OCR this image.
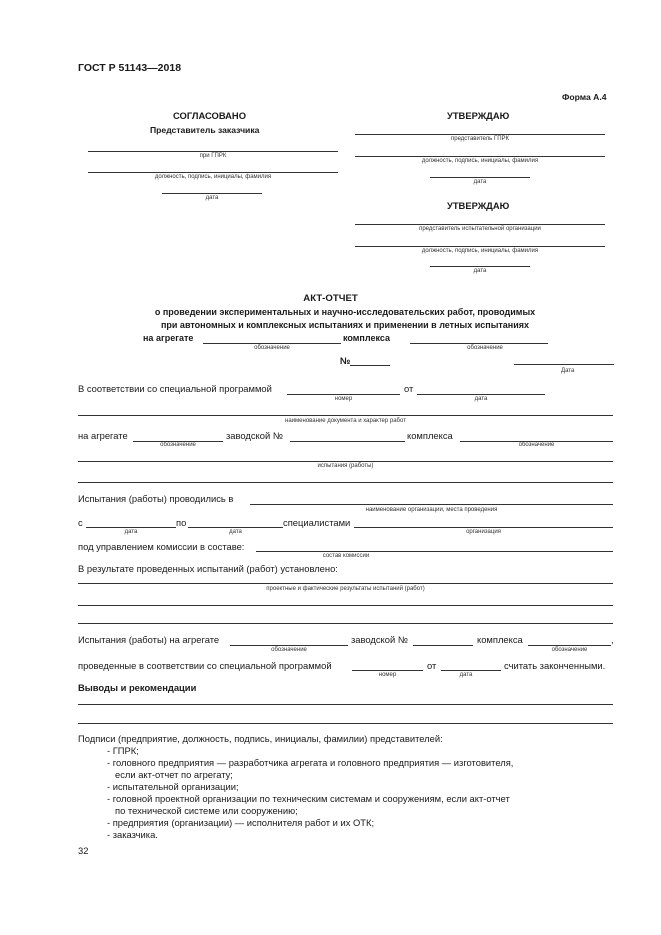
ГОСТ Р 51143—2018
Форма А.4
СОГЛАСОВАНО
Представитель заказчика
при ГПРК
должность, подпись, инициалы, фамилия
дата
УТВЕРЖДАЮ
представитель ГПРК
должность, подпись, инициалы, фамилия
дата
УТВЕРЖДАЮ
представитель испытательной организации
должность, подпись, инициалы, фамилия
дата
АКТ-ОТЧЕТ
о проведении экспериментальных и научно-исследовательских работ, проводимых
при автономных и комплексных испытаниях и применении в летных испытаниях
на агрегате	комплекса
обозначение	обозначение
№
Дата
В соответствии со специальной программой	от
номер	дата
наименование документа и характер работ
на агрегате	заводской №	комплекса
обозначение	обозначение
испытания (работы)
Испытания (работы) проводились в
наименование организации, места проведения
с	по	специалистами
дата	дата	организация
под управлением комиссии в составе:
состав комиссии
В результате проведенных испытаний (работ) установлено:
проектные и фактические результаты испытаний (работ)
Испытания (работы) на агрегате	заводской №	комплекса	,
обозначение	обозначение
проведенные в соответствии со специальной программой	от	считать законченными.
номер	дата
Выводы и рекомендации
Подписи (предприятие, должность, подпись, инициалы, фамилии) представителей:
- ГПРК;
- головного предприятия — разработчика агрегата и головного предприятия — изготовителя,
если акт-отчет по агрегату;
- испытательной организации;
- головной проектной организации по техническим системам и сооружениям, если акт-отчет
по технической системе или сооружению;
- предприятия (организации) — исполнителя работ и их ОТК;
- заказчика.
32
